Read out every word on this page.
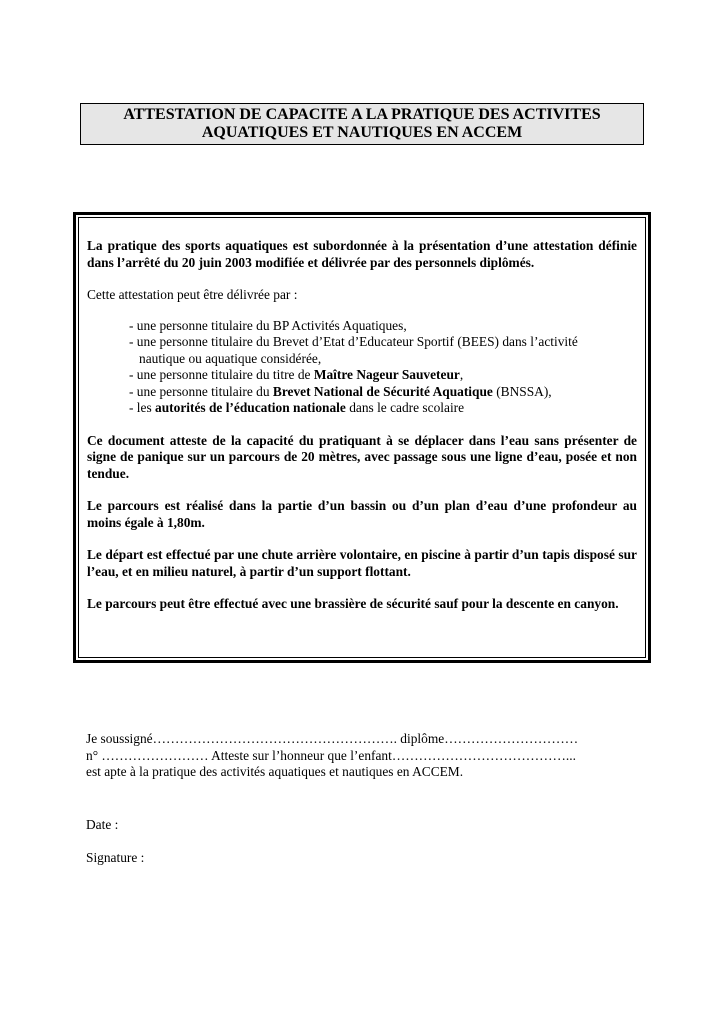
ATTESTATION DE CAPACITE A LA PRATIQUE DES ACTIVITES
AQUATIQUES ET NAUTIQUES EN ACCEM

La pratique des sports aquatiques est subordonnée à la présentation d’une attestation définie dans l’arrêté du 20 juin 2003 modifiée et délivrée par des personnels diplômés.

Cette attestation peut être délivrée par :

- une personne titulaire du BP Activités Aquatiques,
- une personne titulaire du Brevet d’Etat d’Educateur Sportif (BEES) dans l’activité
nautique ou aquatique considérée,
- une personne titulaire du titre de Maître Nageur Sauveteur,
- une personne titulaire du Brevet National de Sécurité Aquatique (BNSSA),
- les autorités de l’éducation nationale dans le cadre scolaire

Ce document atteste de la capacité du pratiquant à se déplacer dans l’eau sans présenter de signe de panique sur un parcours de 20 mètres, avec passage sous une ligne d’eau, posée et non tendue.

Le parcours est réalisé dans la partie d’un bassin ou d’un plan d’eau d’une profondeur au moins égale à 1,80m.

Le départ est effectué par une chute arrière volontaire, en piscine à partir d’un tapis disposé sur l’eau, et en milieu naturel, à partir d’un support flottant.

Le parcours peut être effectué avec une brassière de sécurité sauf pour la descente en canyon.

Je soussigné………………………………………………. diplôme…………………………
n° …………………… Atteste sur l’honneur que l’enfant…………………………………...
est apte à la pratique des activités aquatiques et nautiques en ACCEM.
Date :
Signature :
